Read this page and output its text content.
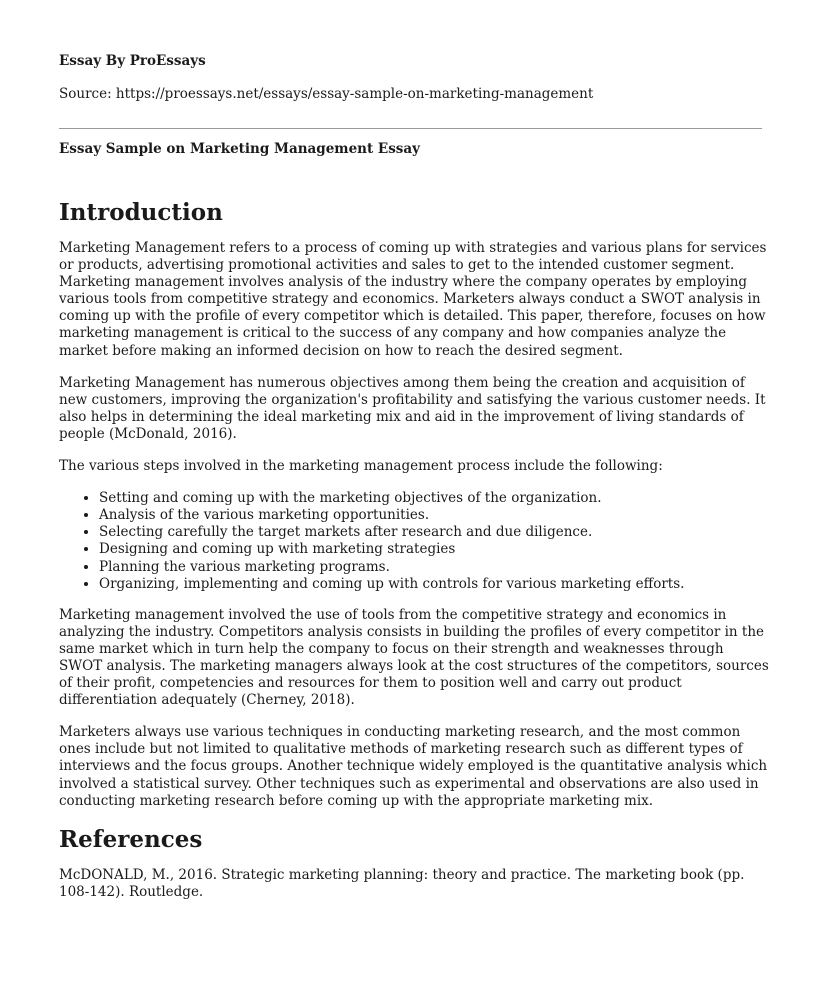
Essay By ProEssays
Source: https://proessays.net/essays/essay-sample-on-marketing-management
Essay Sample on Marketing Management Essay
Introduction

Marketing Management refers to a process of coming up with strategies and various plans for services or products, advertising promotional activities and sales to get to the intended customer segment. Marketing management involves analysis of the industry where the company operates by employing various tools from competitive strategy and economics. Marketers always conduct a SWOT analysis in coming up with the profile of every competitor which is detailed. This paper, therefore, focuses on how marketing management is critical to the success of any company and how companies analyze the market before making an informed decision on how to reach the desired segment.

Marketing Management has numerous objectives among them being the creation and acquisition of new customers, improving the organization's profitability and satisfying the various customer needs. It also helps in determining the ideal marketing mix and aid in the improvement of living standards of people (McDonald, 2016).

The various steps involved in the marketing management process include the following:

• Setting and coming up with the marketing objectives of the organization.
• Analysis of the various marketing opportunities.
• Selecting carefully the target markets after research and due diligence.
• Designing and coming up with marketing strategies
• Planning the various marketing programs.
• Organizing, implementing and coming up with controls for various marketing efforts.

Marketing management involved the use of tools from the competitive strategy and economics in analyzing the industry. Competitors analysis consists in building the profiles of every competitor in the same market which in turn help the company to focus on their strength and weaknesses through SWOT analysis. The marketing managers always look at the cost structures of the competitors, sources of their profit, competencies and resources for them to position well and carry out product differentiation adequately (Cherney, 2018).

Marketers always use various techniques in conducting marketing research, and the most common ones include but not limited to qualitative methods of marketing research such as different types of interviews and the focus groups. Another technique widely employed is the quantitative analysis which involved a statistical survey. Other techniques such as experimental and observations are also used in conducting marketing research before coming up with the appropriate marketing mix.

References

McDONALD, M., 2016. Strategic marketing planning: theory and practice. The marketing book (pp. 108-142). Routledge.
